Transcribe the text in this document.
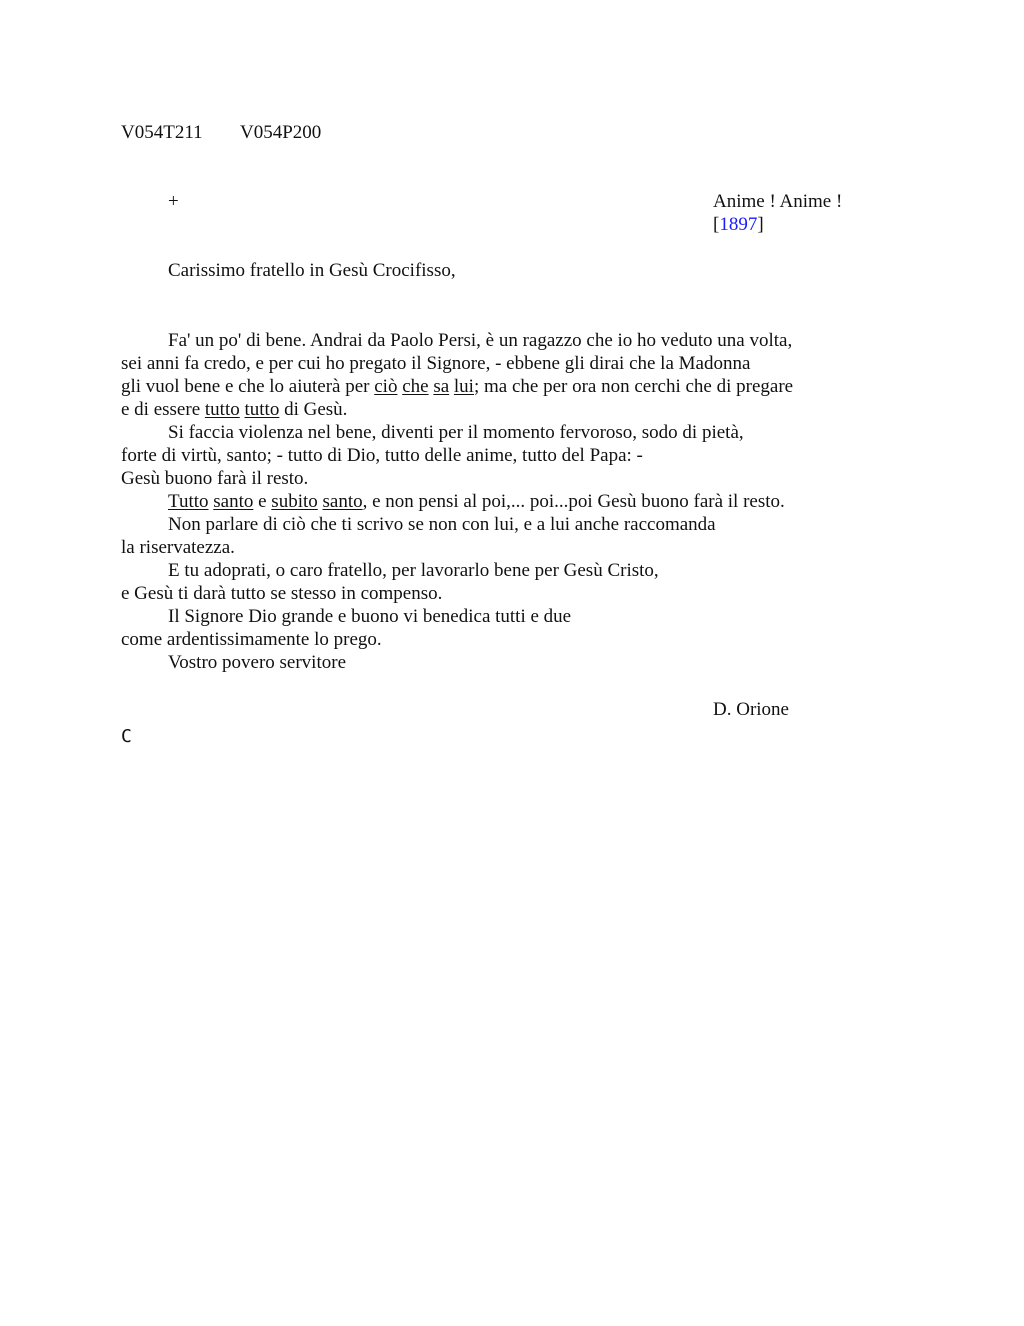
V054T211 V054P200
+	Anime ! Anime !
[1897]
Carissimo fratello in Gesù Crocifisso,
Fa' un po' di bene. Andrai da Paolo Persi, è un ragazzo che io ho veduto una volta,
sei anni fa credo, e per cui ho pregato il Signore, - ebbene gli dirai che la Madonna
gli vuol bene e che lo aiuterà per ciò che sa lui; ma che per ora non cerchi che di pregare
e di essere tutto tutto di Gesù.
Si faccia violenza nel bene, diventi per il momento fervoroso, sodo di pietà,
forte di virtù, santo; - tutto di Dio, tutto delle anime, tutto del Papa: -
Gesù buono farà il resto.
Tutto santo e subito santo, e non pensi al poi,... poi...poi Gesù buono farà il resto.
Non parlare di ciò che ti scrivo se non con lui, e a lui anche raccomanda
la riservatezza.
E tu adoprati, o caro fratello, per lavorarlo bene per Gesù Cristo,
e Gesù ti darà tutto se stesso in compenso.
Il Signore Dio grande e buono vi benedica tutti e due
come ardentissimamente lo prego.
Vostro povero servitore
D. Orione
C
